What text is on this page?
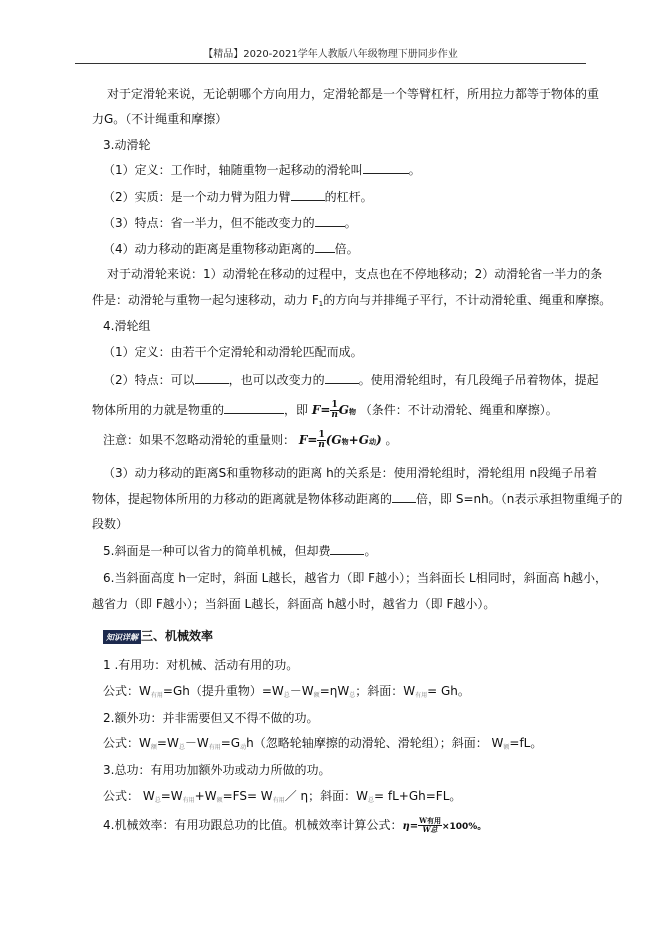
【精品】2020-2021学年人教版八年级物理下册同步作业
对于定滑轮来说，无论朝哪个方向用力，定滑轮都是一个等臂杠杆，所用拉力都等于物体的重
力G。（不计绳重和摩擦）
3.动滑轮
（1）定义：工作时，轴随重物一起移动的滑轮叫	。
（2）实质：是一个动力臂为阻力臂	的杠杆。
（3）特点：省一半力，但不能改变力的	。
（4）动力移动的距离是重物移动距离的 倍。
对于动滑轮来说：1）动滑轮在移动的过程中，支点也在不停地移动；2）动滑轮省一半力的条
件是：动滑轮与重物一起匀速移动，动力 F1的方向与并排绳子平行，不计动滑轮重、绳重和摩擦。
4.滑轮组
（1）定义：由若干个定滑轮和动滑轮匹配而成。
（2）特点：可以	，也可以改变力的	。使用滑轮组时，有几段绳子吊着物体，提起
物体所用的力就是物重的	，即 $F= \frac{1}{n}$ G物 （条件：不计动滑轮、绳重和摩擦）。
注意：如果不忽略动滑轮的重量则： $F= \frac{1}{n} (G$物+G动) 。
（3）动力移动的距离S和重物移动的距离 h的关系是：使用滑轮组时，滑轮组用 n段绳子吊着
物体，提起物体所用的力移动的距离就是物体移动距离的 倍，即 S=nh。（n表示承担物重绳子的
段数）
5.斜面是一种可以省力的简单机械，但却费	。
6.当斜面高度 h一定时，斜面 L越长，越省力（即 F越小）；当斜面长 L相同时，斜面高 h越小，
越省力（即 F越小）；当斜面 L越长，斜面高 h越小时，越省力（即 F越小）。
知识详解 三、机械效率
1 .有用功：对机械、活动有用的功。
公式：$W_{有用}=Gh$（提升重物）$=W_总-W_额=\eta W_总$；斜面：$W_{有用}= Gh$。
2.额外功：并非需要但又不得不做的功。
公式：$W_额=W_总-W_{有用}=G_动h$（忽略轮轴摩擦的动滑轮、滑轮组）；斜面： $W_额=fL$。
3.总功：有用功加额外功或动力所做的功。
公式： $W_总=W_{有用}+W_额=FS=$ $W_{有用}/$ η；斜面：$W_总= fL+Gh=FL$。
4.机械效率：有用功跟总功的比值。机械效率计算公式：$\eta= \frac{\text{W有用}}{\text{W总}} \times 100\%$。
